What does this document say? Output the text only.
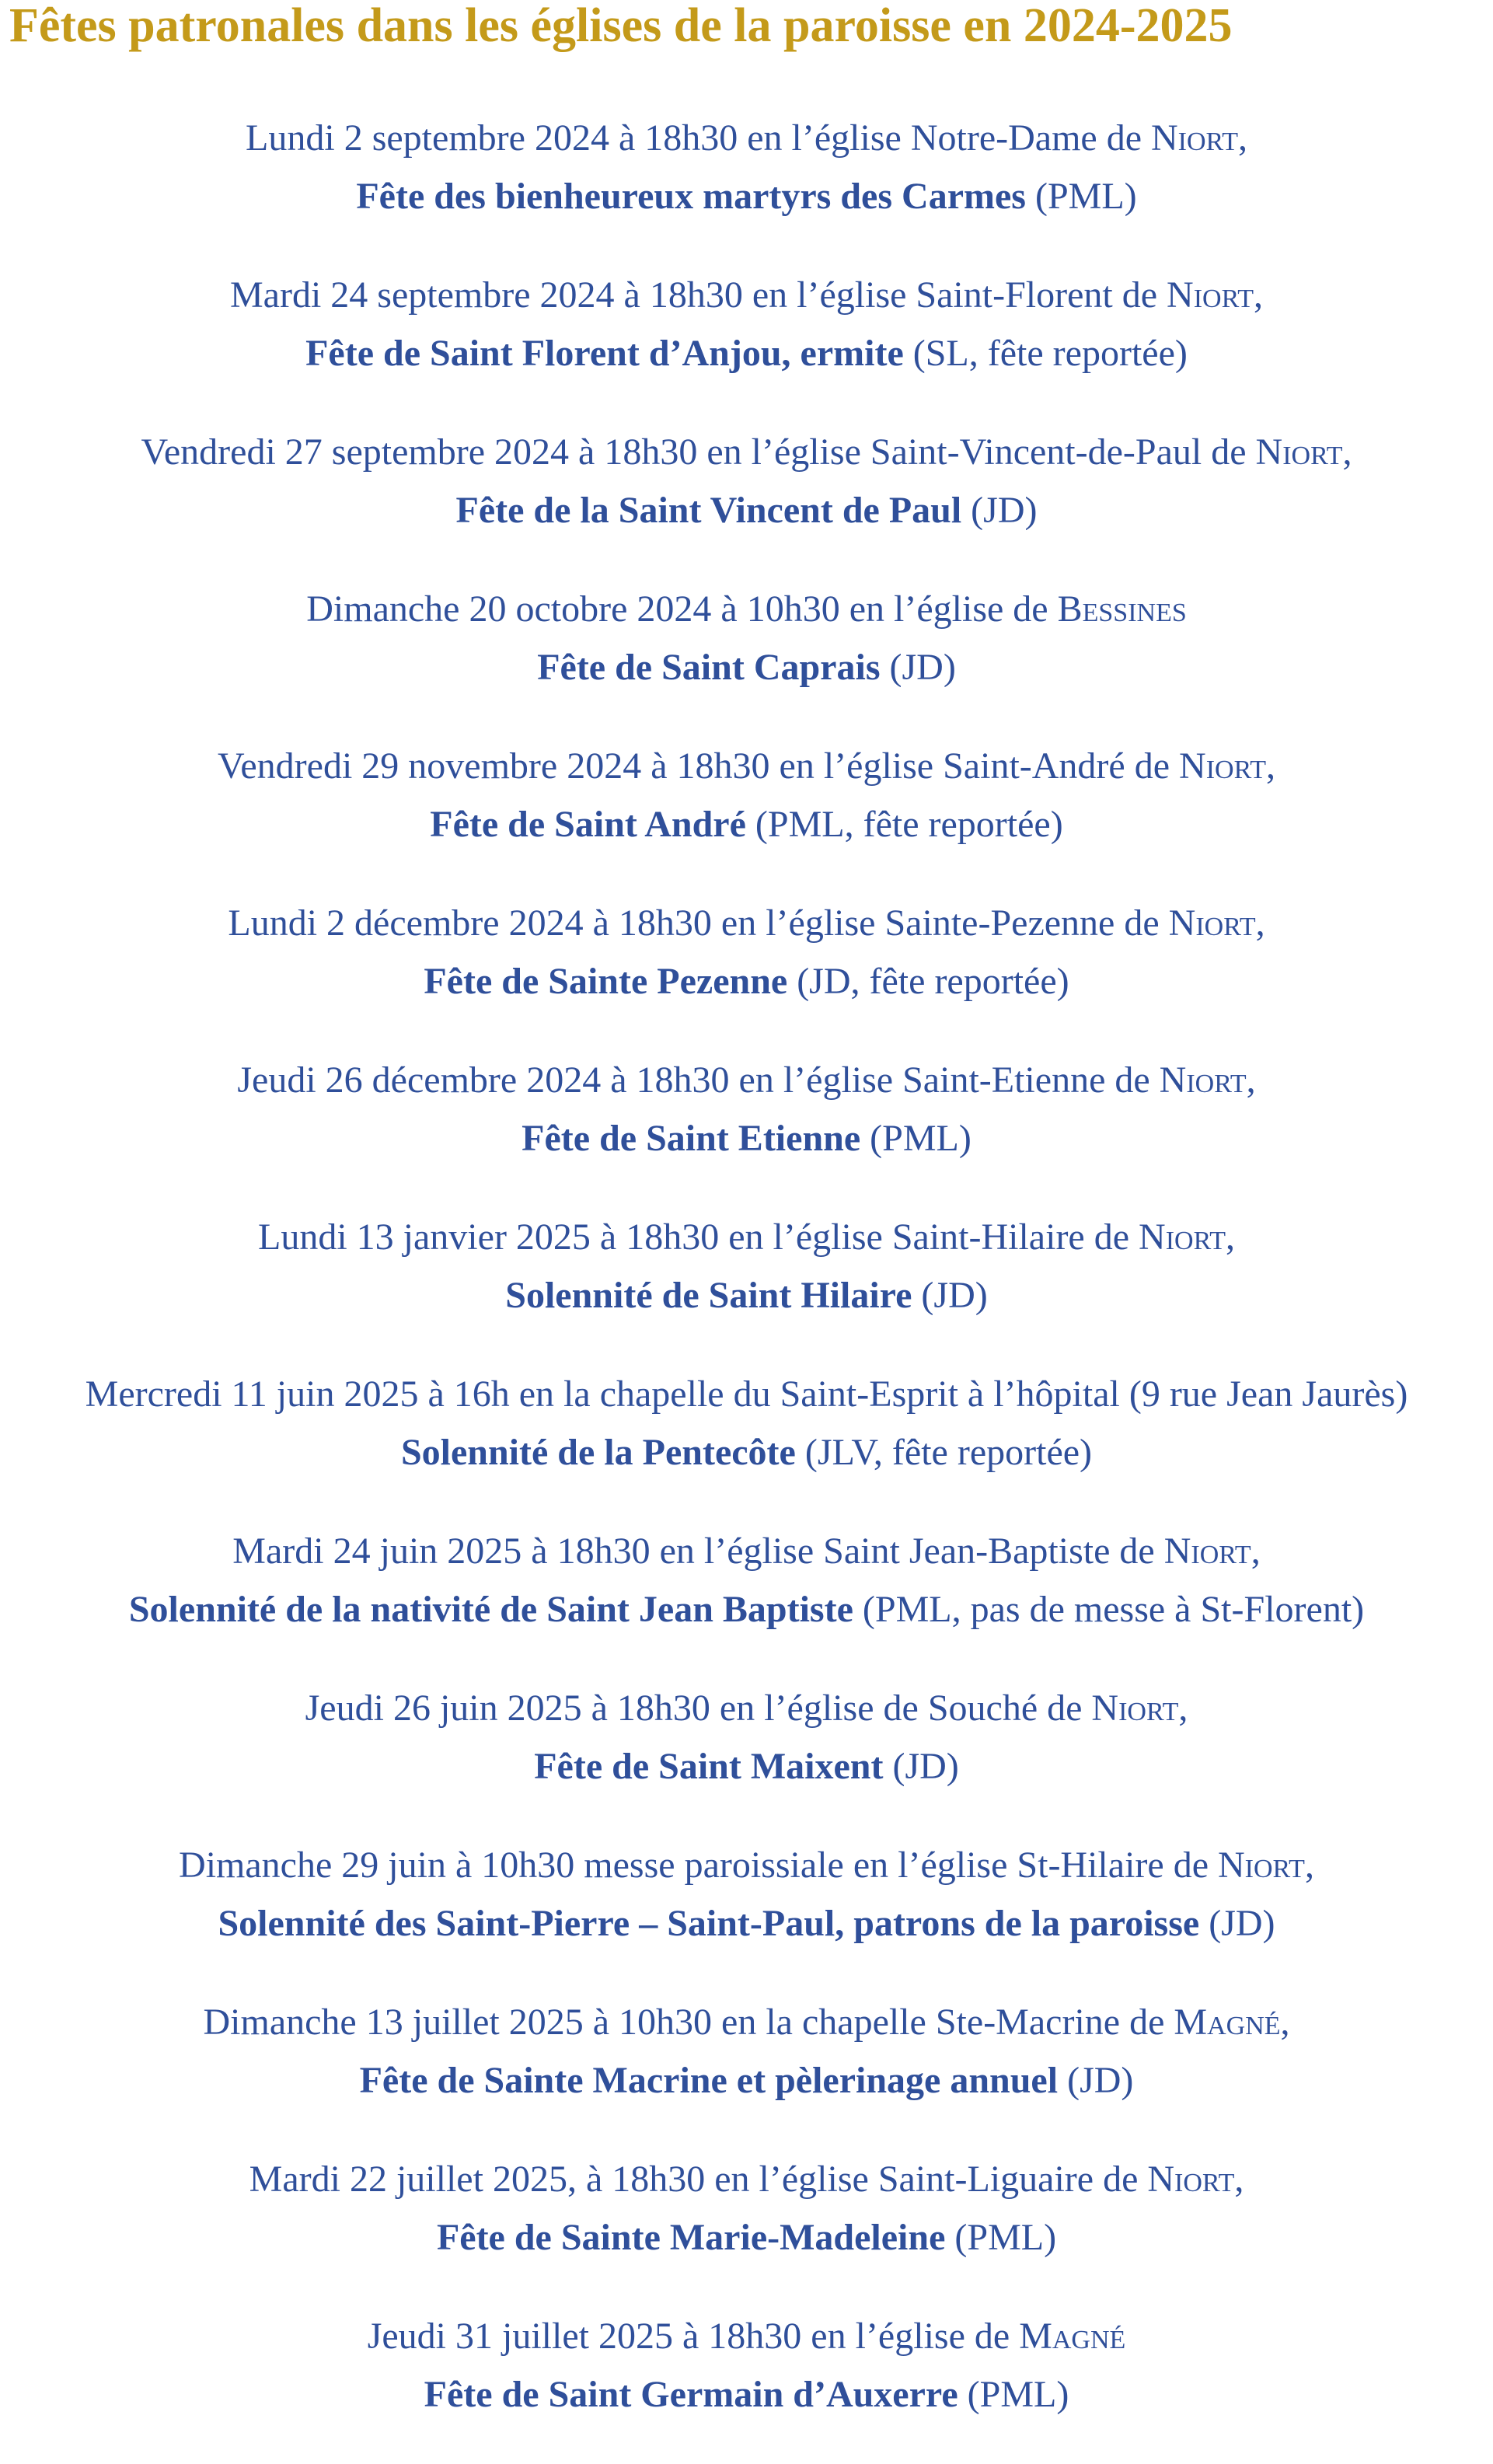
Fêtes patronales dans les églises de la paroisse en 2024-2025
Lundi 2 septembre 2024 à 18h30 en l’église Notre-Dame de Niort,
Fête des bienheureux martyrs des Carmes (PML)
Mardi 24 septembre 2024 à 18h30 en l’église Saint-Florent de Niort,
Fête de Saint Florent d’Anjou, ermite (SL, fête reportée)
Vendredi 27 septembre 2024 à 18h30 en l’église Saint-Vincent-de-Paul de Niort,
Fête de la Saint Vincent de Paul (JD)
Dimanche 20 octobre 2024 à 10h30 en l’église de Bessines
Fête de Saint Caprais (JD)
Vendredi 29 novembre 2024 à 18h30 en l’église Saint-André de Niort,
Fête de Saint André (PML, fête reportée)
Lundi 2 décembre 2024 à 18h30 en l’église Sainte-Pezenne de Niort,
Fête de Sainte Pezenne (JD, fête reportée)
Jeudi 26 décembre 2024 à 18h30 en l’église Saint-Etienne de Niort,
Fête de Saint Etienne (PML)
Lundi 13 janvier 2025 à 18h30 en l’église Saint-Hilaire de Niort,
Solennité de Saint Hilaire (JD)
Mercredi 11 juin 2025 à 16h en la chapelle du Saint-Esprit à l’hôpital (9 rue Jean Jaurès)
Solennité de la Pentecôte (JLV, fête reportée)
Mardi 24 juin 2025 à 18h30 en l’église Saint Jean-Baptiste de Niort,
Solennité de la nativité de Saint Jean Baptiste (PML, pas de messe à St-Florent)
Jeudi 26 juin 2025 à 18h30 en l’église de Souché de Niort,
Fête de Saint Maixent (JD)
Dimanche 29 juin à 10h30 messe paroissiale en l’église St-Hilaire de Niort,
Solennité des Saint-Pierre – Saint-Paul, patrons de la paroisse (JD)
Dimanche 13 juillet 2025 à 10h30 en la chapelle Ste-Macrine de Magné,
Fête de Sainte Macrine et pèlerinage annuel (JD)
Mardi 22 juillet 2025, à 18h30 en l’église Saint-Liguaire de Niort,
Fête de Sainte Marie-Madeleine (PML)
Jeudi 31 juillet 2025 à 18h30 en l’église de Magné
Fête de Saint Germain d’Auxerre (PML)
